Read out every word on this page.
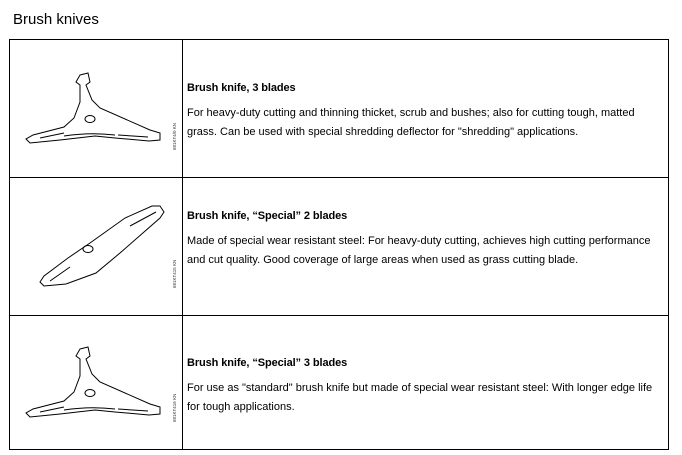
Brush knives
681KT4/0 KN
Brush knife, 3 blades
For heavy-duty cutting and thinning thicket, scrub and bushes; also for cutting tough, matted grass. Can be used with special shredding deflector for "shredding" applications.
681KT415 KN
Brush knife, “Special” 2 blades
Made of special wear resistant steel: For heavy-duty cutting, achieves high cutting performance and cut quality. Good coverage of large areas when used as grass cutting blade.
681KT416 KN
Brush knife, “Special” 3 blades
For use as "standard" brush knife but made of special wear resistant steel: With longer edge life for tough applications.
